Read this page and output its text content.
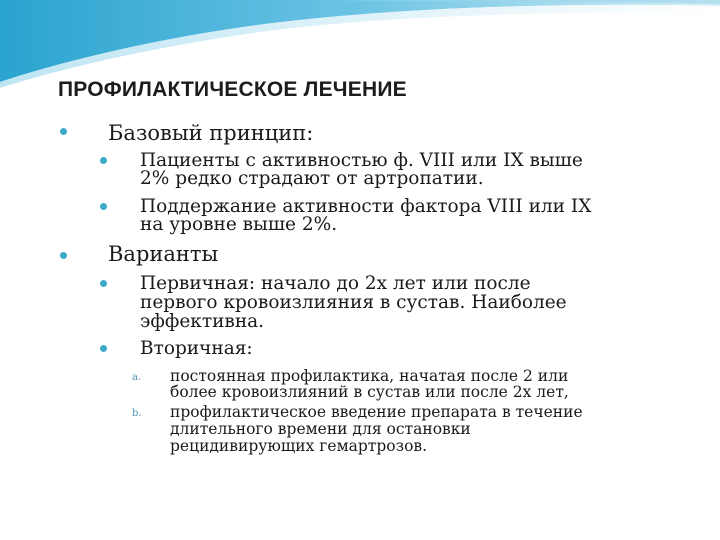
ПРОФИЛАКТИЧЕСКОЕ ЛЕЧЕНИЕ
Базовый принцип:
Пациенты с активностью ф. VIII или IX выше
2% редко страдают от артропатии.
Поддержание активности фактора VIII или IX
на уровне выше 2%.
Варианты
Первичная: начало до 2х лет или после
первого кровоизлияния в сустав. Наиболее
эффективна.
Вторичная:
a. постоянная профилактика, начатая после 2 или
более кровоизлияний в сустав или после 2х лет,
b. профилактическое введение препарата в течение
длительного времени для остановки
рецидивирующих гемартрозов.
